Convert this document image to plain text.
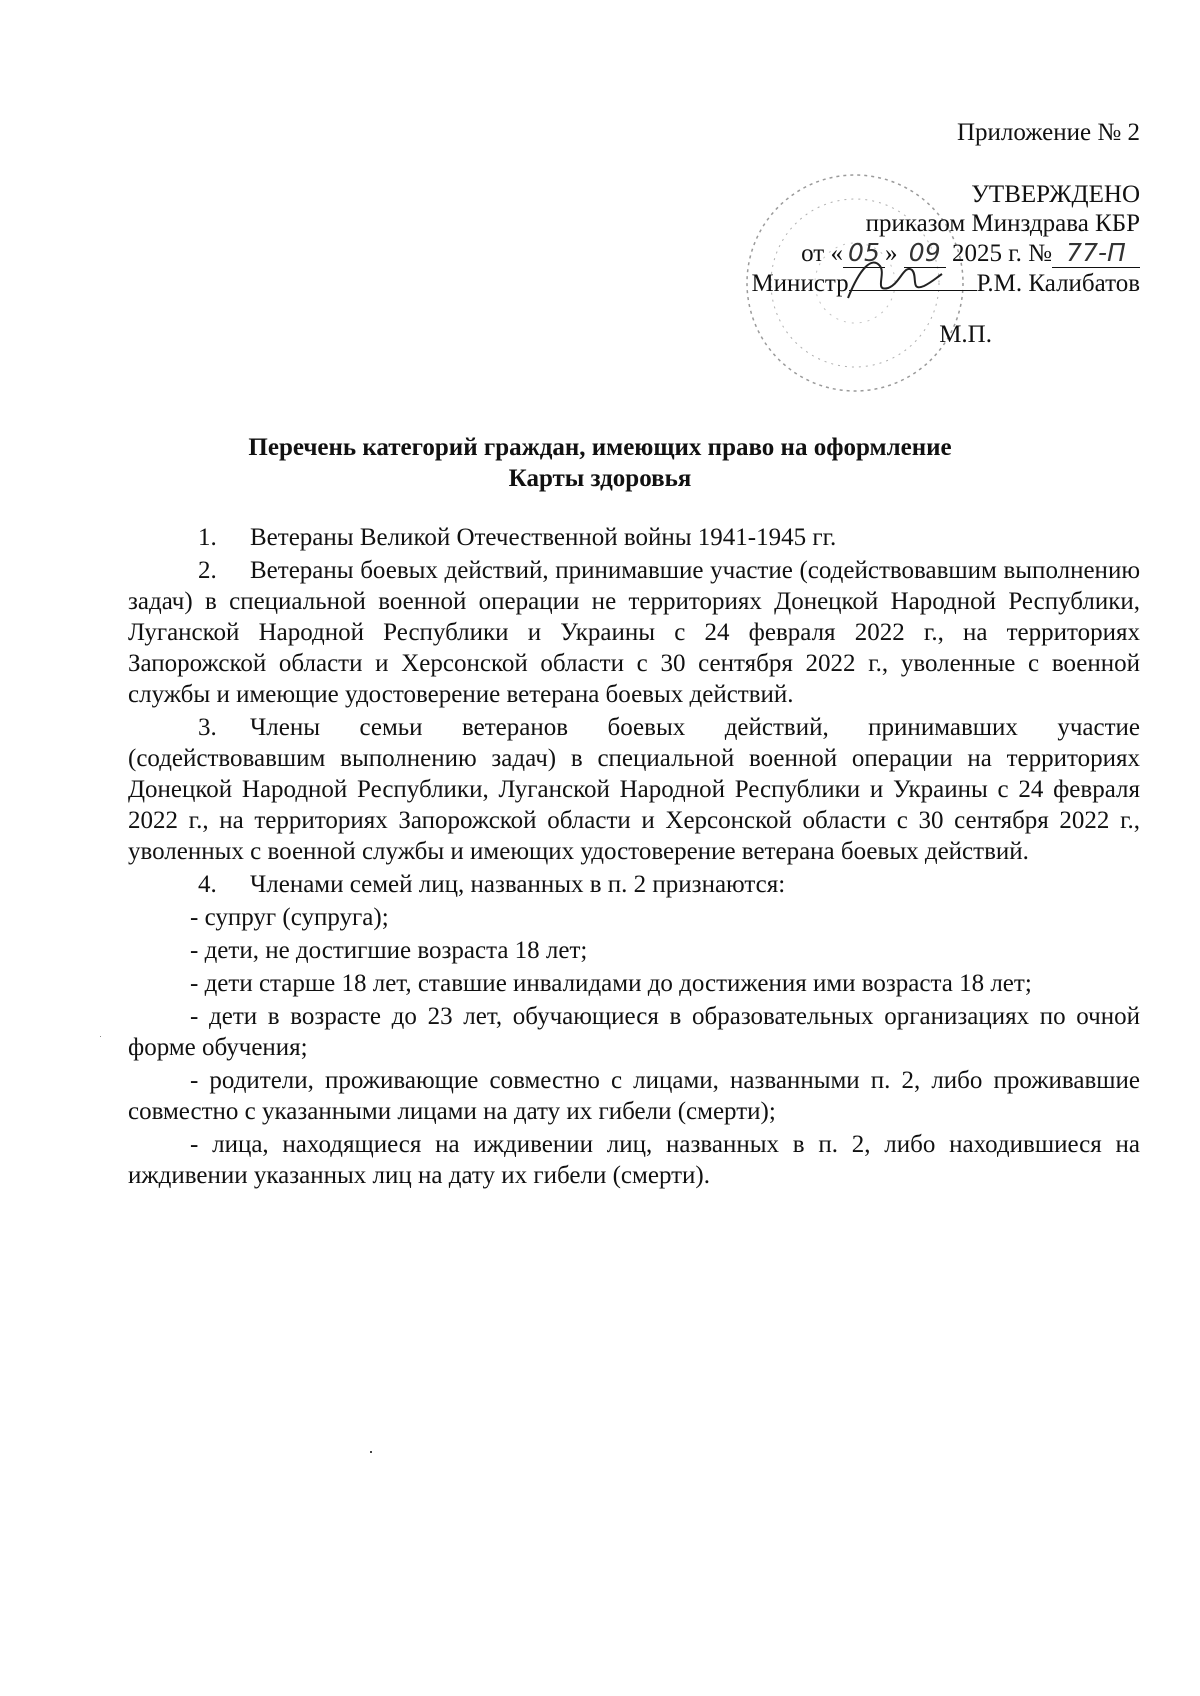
Приложение № 2
УТВЕРЖДЕНО
приказом Минздрава КБР
от « 05 » 09 2025 г. № 77-П
Министр	Р.М. Калибатов
М.П.
Перечень категорий граждан, имеющих право на оформление
Карты здоровья

1. Ветераны Великой Отечественной войны 1941-1945 гг.

2. Ветераны боевых действий, принимавшие участие (содействовавшим выполнению задач) в специальной военной операции не территориях Донецкой Народной Республики, Луганской Народной Республики и Украины с 24 февраля 2022 г., на территориях Запорожской области и Херсонской области с 30 сентября 2022 г., уволенные с военной службы и имеющие удостоверение ветерана боевых действий.

3. Члены семьи ветеранов боевых действий, принимавших участие (содействовавшим выполнению задач) в специальной военной операции на территориях Донецкой Народной Республики, Луганской Народной Республики и Украины с 24 февраля 2022 г., на территориях Запорожской области и Херсонской области с 30 сентября 2022 г., уволенных с военной службы и имеющих удостоверение ветерана боевых действий.

4. Членами семей лиц, названных в п. 2 признаются:

- супруг (супруга);

- дети, не достигшие возраста 18 лет;

- дети старше 18 лет, ставшие инвалидами до достижения ими возраста 18 лет;

- дети в возрасте до 23 лет, обучающиеся в образовательных организациях по очной форме обучения;

- родители, проживающие совместно с лицами, названными п. 2, либо проживавшие совместно с указанными лицами на дату их гибели (смерти);

- лица, находящиеся на иждивении лиц, названных в п. 2, либо находившиеся на иждивении указанных лиц на дату их гибели (смерти).
